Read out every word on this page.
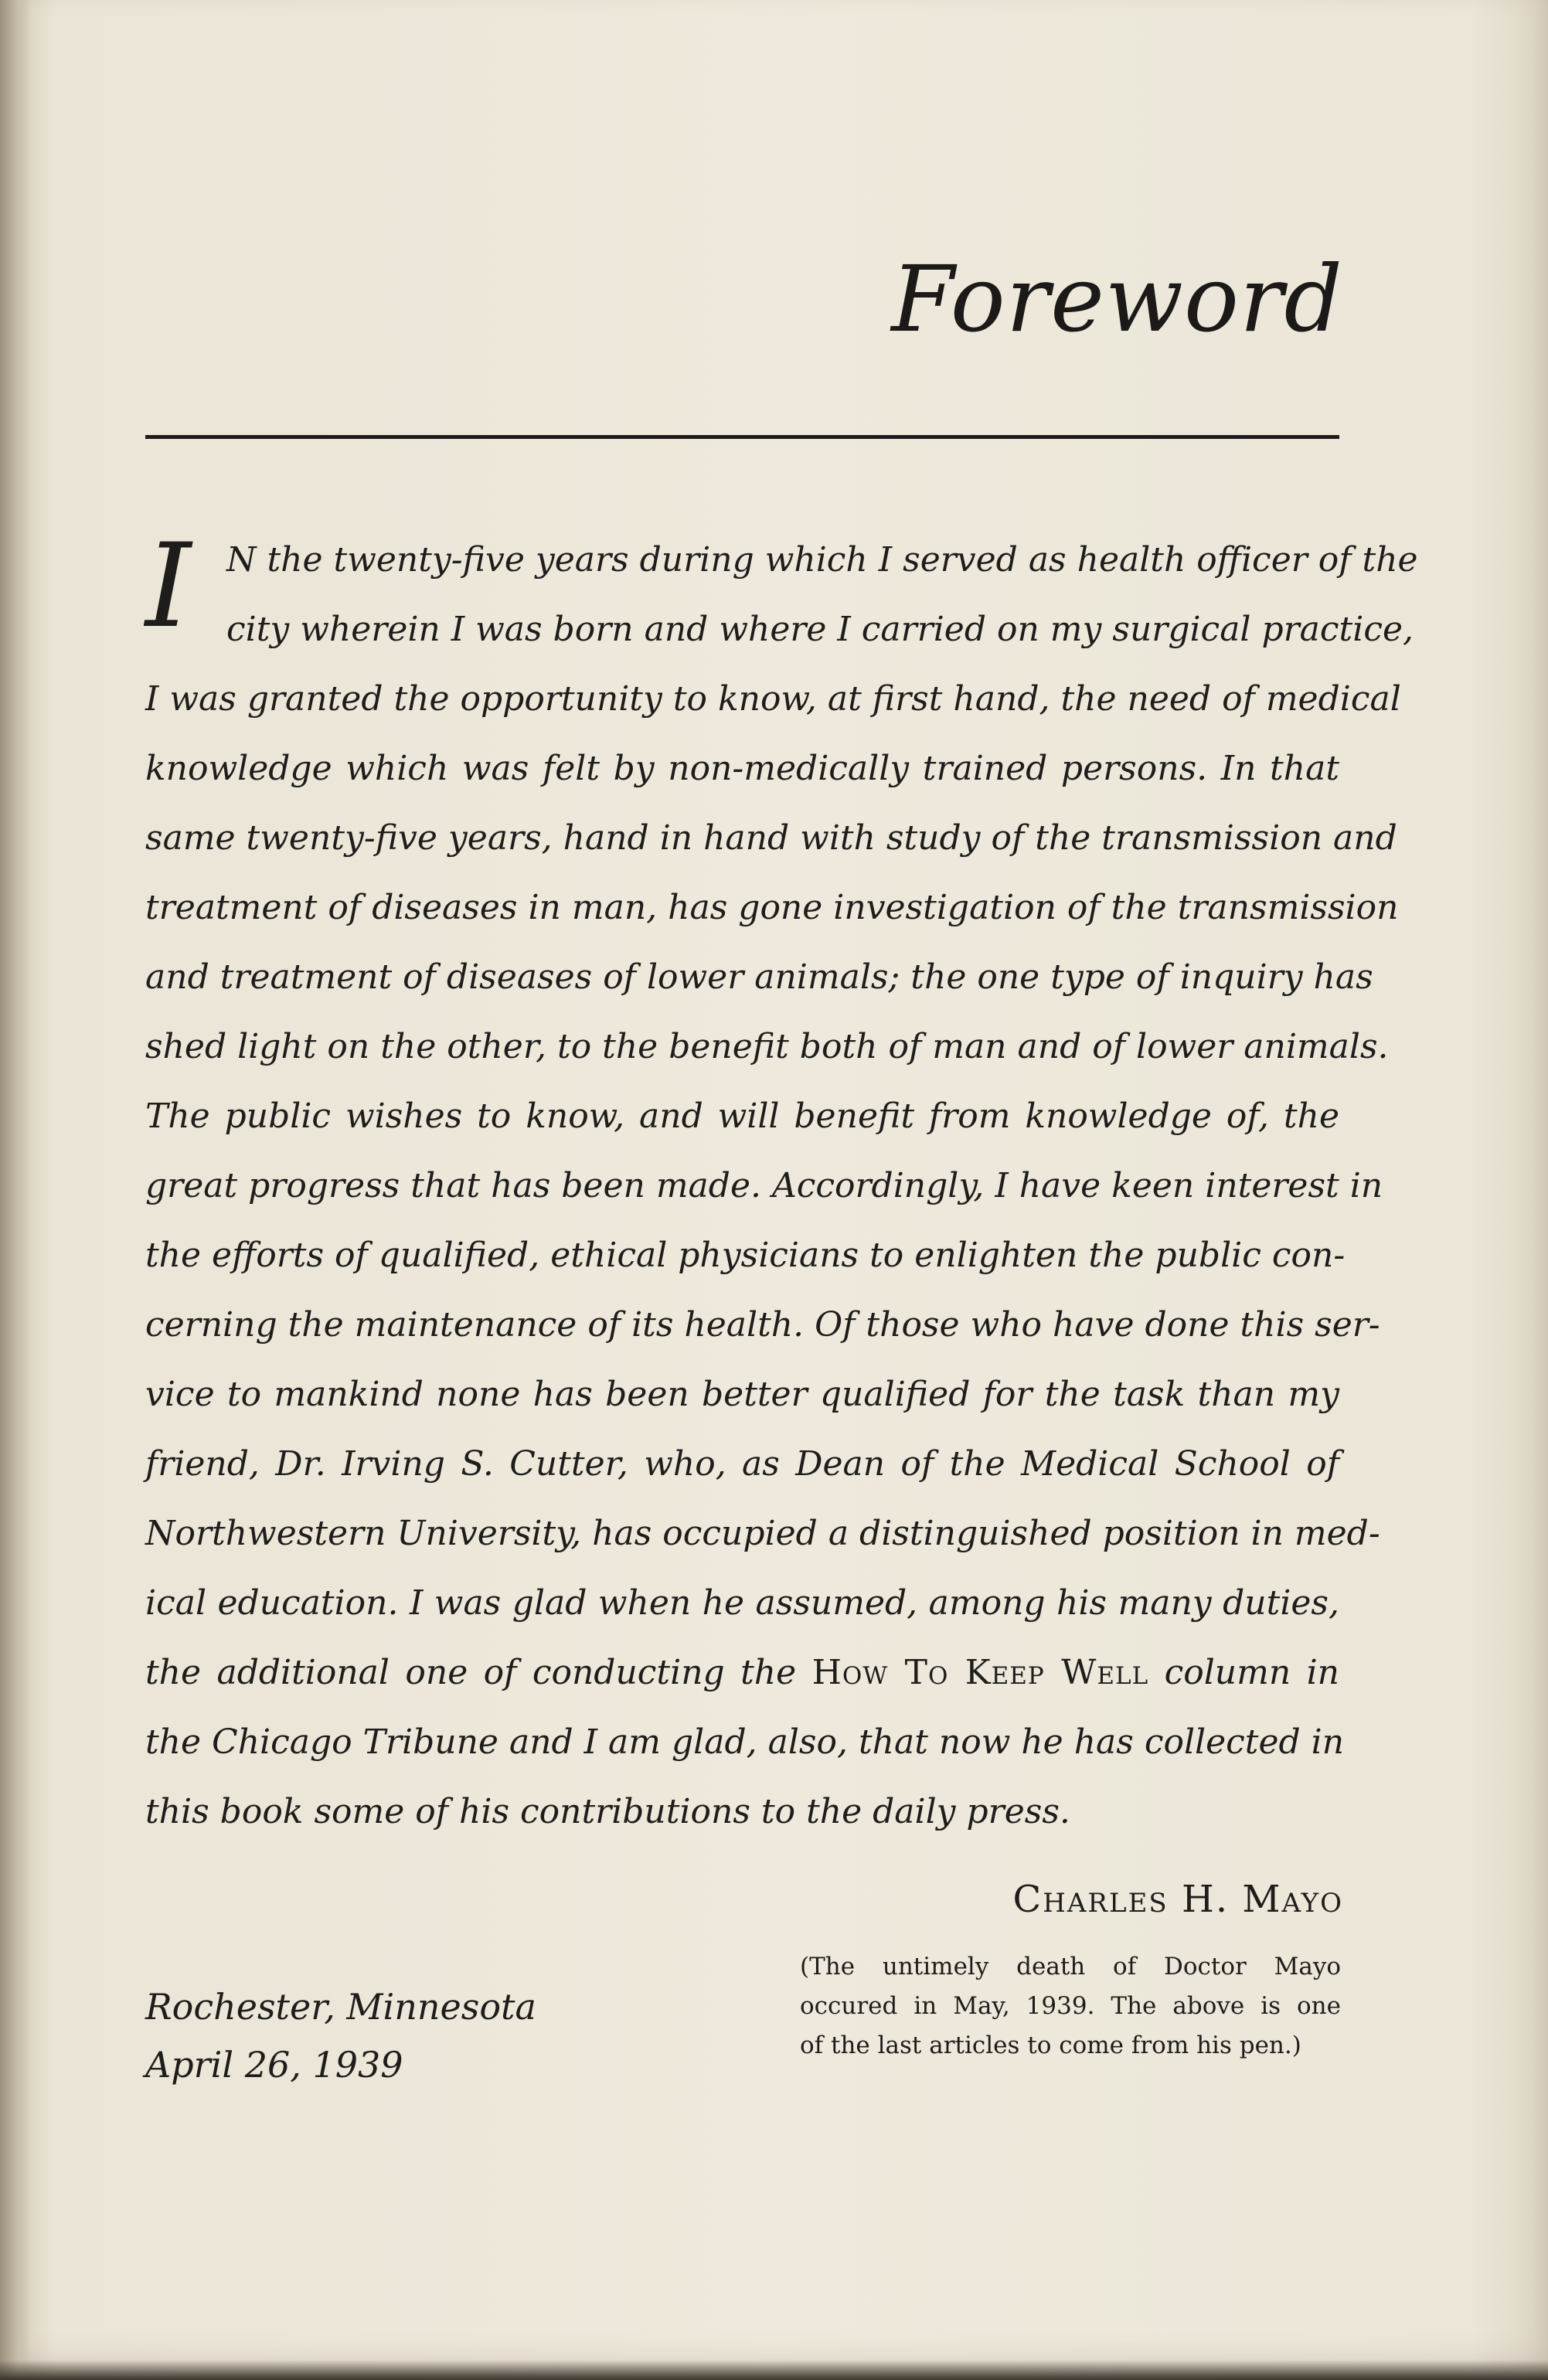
Foreword
I	N the twenty-five years during which I served as health officer of the
city wherein I was born and where I carried on my surgical practice,
I was granted the opportunity to know, at first hand, the need of medical
knowledge which was felt by non-medically trained persons. In that
same twenty-five years, hand in hand with study of the transmission and
treatment of diseases in man, has gone investigation of the transmission
and treatment of diseases of lower animals; the one type of inquiry has
shed light on the other, to the benefit both of man and of lower animals.
The public wishes to know, and will benefit from knowledge of, the
great progress that has been made. Accordingly, I have keen interest in
the efforts of qualified, ethical physicians to enlighten the public con-
cerning the maintenance of its health. Of those who have done this ser-
vice to mankind none has been better qualified for the task than my
friend, Dr. Irving S. Cutter, who, as Dean of the Medical School of
Northwestern University, has occupied a distinguished position in med-
ical education. I was glad when he assumed, among his many duties,
the additional one of conducting the How To Keep Well column in
the Chicago Tribune and I am glad, also, that now he has collected in
this book some of his contributions to the daily press.
Charles H. Mayo
(The untimely death of Doctor Mayo
occured in May, 1939. The above is one
of the last articles to come from his pen.)
Rochester, Minnesota
April 26, 1939
